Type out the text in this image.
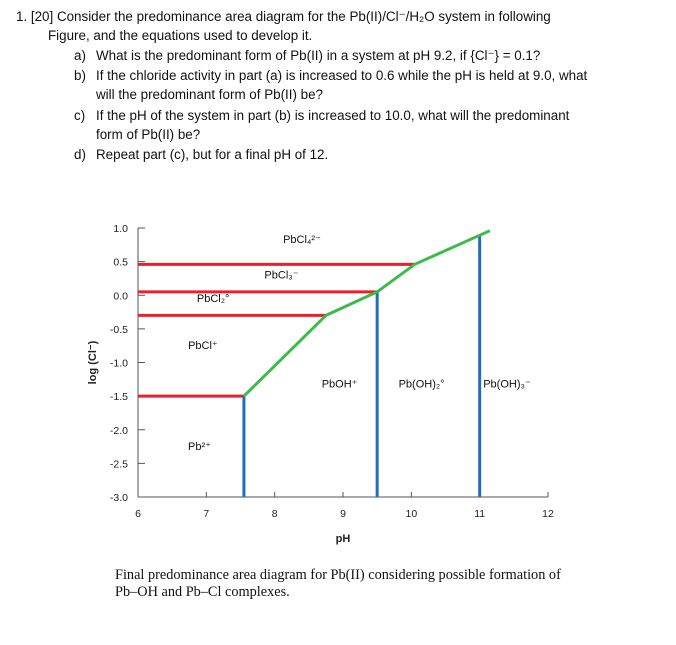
1. [20] Consider the predominance area diagram for the Pb(II)/Cl⁻/H₂O system in following
Figure, and the equations used to develop it.
a) What is the predominant form of Pb(II) in a system at pH 9.2, if {Cl⁻} = 0.1?
b) If the chloride activity in part (a) is increased to 0.6 while the pH is held at 9.0, what
will the predominant form of Pb(II) be?
c) If the pH of the system in part (b) is increased to 10.0, what will the predominant
form of Pb(II) be?
d) Repeat part (c), but for a final pH of 12.
1.0
0.5
0.0
-0.5
-1.0
-1.5
-2.0
-2.5
-3.0
6	7	8	9	10	11	12
pH
log (Cl⁻)
PbCl₄²⁻
PbCl₃⁻
PbCl₂°
PbCl⁺
PbOH⁺	Pb(OH)₂°	Pb(OH)₃⁻
Pb²⁺
Final predominance area diagram for Pb(II) considering possible formation of
Pb–OH and Pb–Cl complexes.
